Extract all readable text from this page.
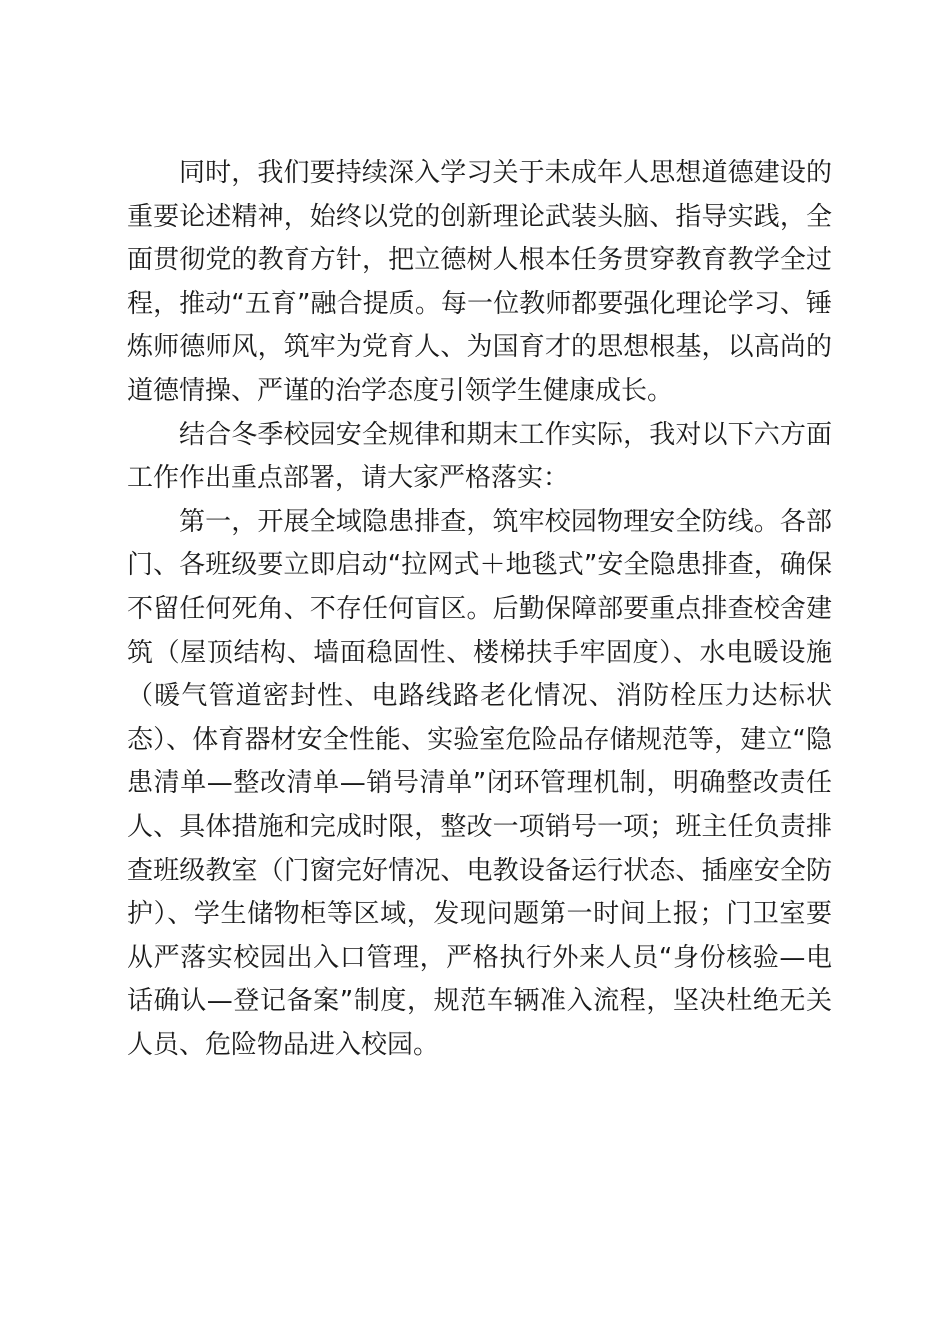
同时，我们要持续深入学习关于未成年人思想道德建设的重要论述精神，始终以党的创新理论武装头脑、指导实践，全面贯彻党的教育方针，把立德树人根本任务贯穿教育教学全过程，推动“五育”融合提质。每一位教师都要强化理论学习、锤炼师德师风，筑牢为党育人、为国育才的思想根基，以高尚的道德情操、严谨的治学态度引领学生健康成长。

结合冬季校园安全规律和期末工作实际，我对以下六方面工作作出重点部署，请大家严格落实：

第一，开展全域隐患排查，筑牢校园物理安全防线。各部门、各班级要立即启动“拉网式＋地毯式”安全隐患排查，确保不留任何死角、不存任何盲区。后勤保障部要重点排查校舍建筑（屋顶结构、墙面稳固性、楼梯扶手牢固度）、水电暖设施（暖气管道密封性、电路线路老化情况、消防栓压力达标状态）、体育器材安全性能、实验室危险品存储规范等，建立“隐患清单—整改清单—销号清单”闭环管理机制，明确整改责任人、具体措施和完成时限，整改一项销号一项；班主任负责排查班级教室（门窗完好情况、电教设备运行状态、插座安全防护）、学生储物柜等区域，发现问题第一时间上报；门卫室要从严落实校园出入口管理，严格执行外来人员“身份核验—电话确认—登记备案”制度，规范车辆准入流程，坚决杜绝无关人员、危险物品进入校园。
